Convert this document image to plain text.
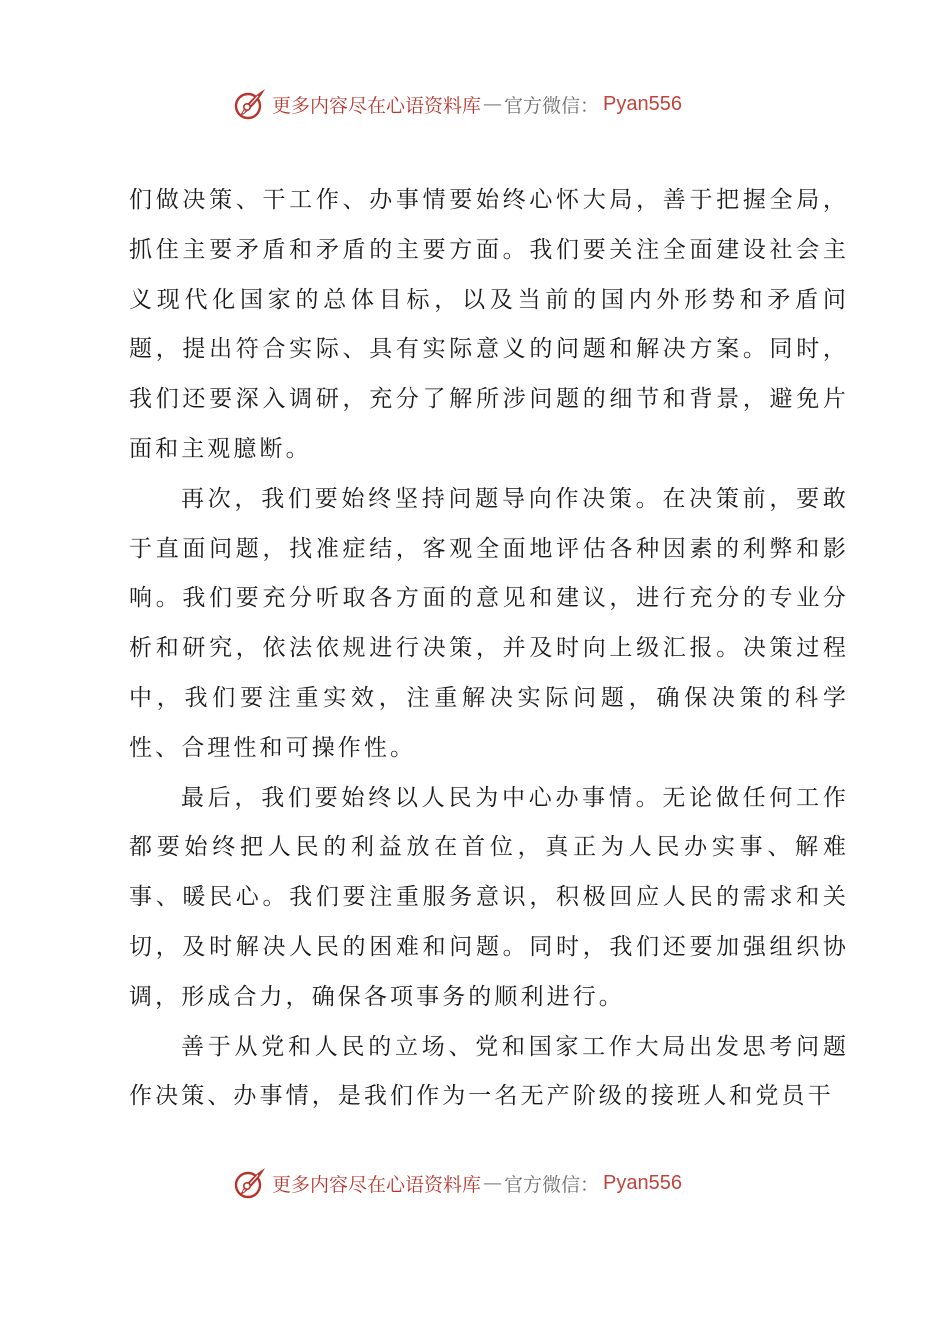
更多内容尽在心语资料库 — 官方微信： Pyan556

们做决策、干工作、办事情要始终心怀大局，善于把握全局，抓住主要矛盾和矛盾的主要方面。我们要关注全面建设社会主义现代化国家的总体目标，以及当前的国内外形势和矛盾问题，提出符合实际、具有实际意义的问题和解决方案。同时，我们还要深入调研，充分了解所涉问题的细节和背景，避免片面和主观臆断。

再次，我们要始终坚持问题导向作决策。在决策前，要敢于直面问题，找准症结，客观全面地评估各种因素的利弊和影响。我们要充分听取各方面的意见和建议，进行充分的专业分析和研究，依法依规进行决策，并及时向上级汇报。决策过程中，我们要注重实效，注重解决实际问题，确保决策的科学性、合理性和可操作性。

最后，我们要始终以人民为中心办事情。无论做任何工作都要始终把人民的利益放在首位，真正为人民办实事、解难事、暖民心。我们要注重服务意识，积极回应人民的需求和关切，及时解决人民的困难和问题。同时，我们还要加强组织协调，形成合力，确保各项事务的顺利进行。

善于从党和人民的立场、党和国家工作大局出发思考问题作决策、办事情，是我们作为一名无产阶级的接班人和党员干

更多内容尽在心语资料库 — 官方微信： Pyan556
